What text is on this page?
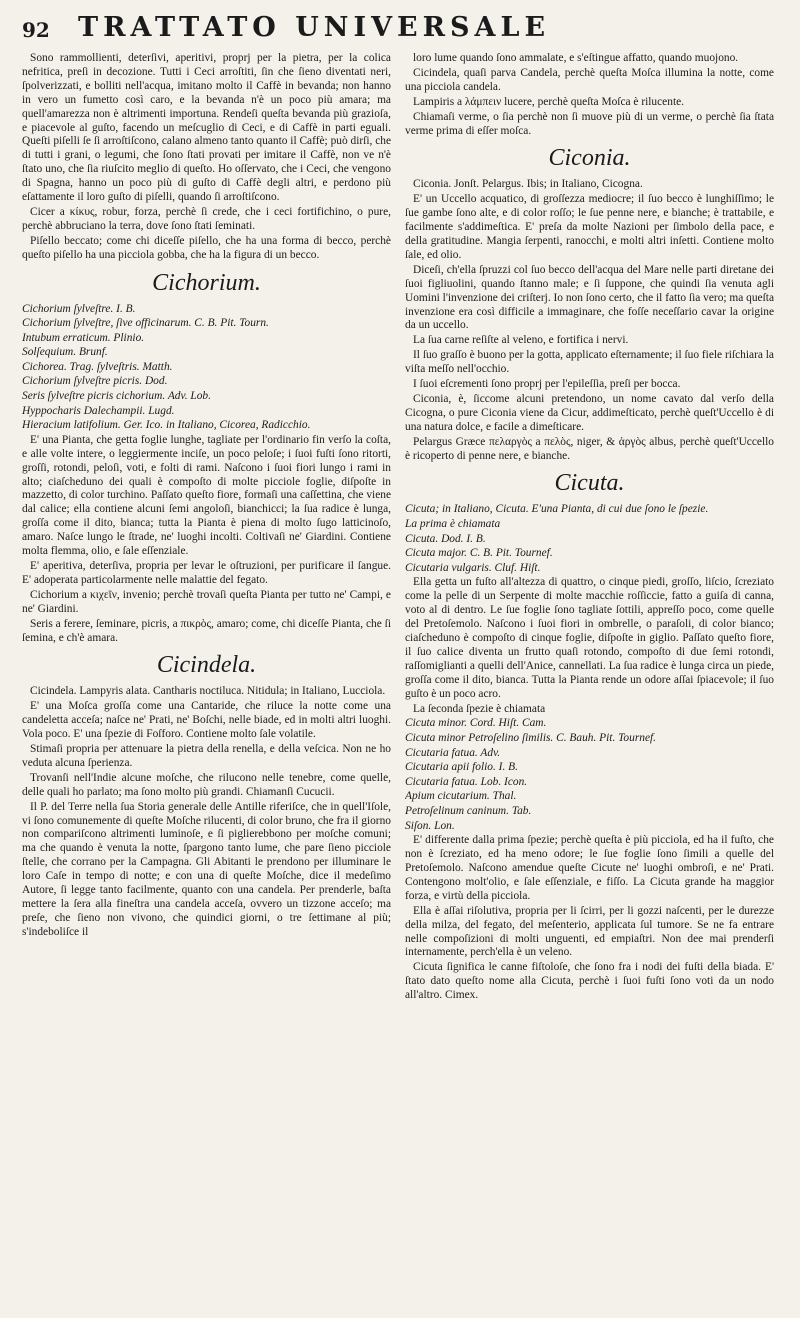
92 TRATTATO UNIVERSALE

Sono rammollienti, deterſivi, aperitivi, proprj per la pietra, per la colica nefritica, preſi in decozione. Tutti i Ceci arroſtiti, ſin che ſieno diventati neri, ſpolverizzati, e bolliti nell'acqua, imitano molto il Caffè in bevanda; non hanno in vero un fumetto così caro, e la bevanda n'è un poco più amara; ma quell'amarezza non è altrimenti importuna. Rendeſi queſta bevanda più grazioſa, e piacevole al guſto, facendo un meſcuglio di Ceci, e di Caffè in parti eguali. Queſti piſelli ſe ſi arroſtiſcono, calano almeno tanto quanto il Caffè; può dirſi, che di tutti i grani, o legumi, che ſono ſtati provati per imitare il Caffè, non ve n'è ſtato uno, che ſia riuſcito meglio di queſto. Ho oſſervato, che i Ceci, che vengono di Spagna, hanno un poco più di guſto di Caffè degli altri, e perdono più eſattamente il loro guſto di piſelli, quando ſi arroſtiſcono.

Cicer a κίκυς, robur, forza, perchè ſi crede, che i ceci fortifichino, o pure, perchè abbruciano la terra, dove ſono ſtati ſeminati.

Piſello beccato; come chi diceſſe piſello, che ha una forma di becco, perchè queſto piſello ha una picciola gobba, che ha la figura di un becco.

Cichorium.

Cichorium ſylveſtre. I. B.

Cichorium ſylveſtre, ſive officinarum. C. B. Pit. Tourn.

Intubum erraticum. Plinio.

Solſequium. Brunf.

Cichorea. Trag. ſylveſtris. Matth.

Cichorium ſylveſtre picris. Dod.

Seris ſylveſtre picris cichorium. Adv. Lob.

Hyppocharis Dalechampii. Lugd.

Hieracium latifolium. Ger. Ico. in Italiano, Cicorea, Radicchio.

E' una Pianta, che getta foglie lunghe, tagliate per l'ordinario fin verſo la coſta, e alle volte intere, o leggiermente inciſe, un poco peloſe; i ſuoi fuſti ſono ritorti, groſſi, rotondi, peloſi, voti, e folti di rami. Naſcono i ſuoi fiori lungo i rami in alto; ciaſcheduno dei quali è compoſto di molte picciole foglie, diſpoſte in mazzetto, di color turchino. Paſſato queſto fiore, formaſi una caſſettina, che viene dal calice; ella contiene alcuni ſemi angoloſi, bianchicci; la ſua radice è lunga, groſſa come il dito, bianca; tutta la Pianta è piena di molto ſugo latticinoſo, amaro. Naſce lungo le ſtrade, ne' luoghi incolti. Coltivaſi ne' Giardini. Contiene molta flemma, olio, e ſale eſſenziale.

E' aperitiva, deterſiva, propria per levar le oſtruzioni, per purificare il ſangue. E' adoperata particolarmente nelle malattie del fegato.

Cichorium a κιχεῖν, invenio; perchè trovaſi queſta Pianta per tutto ne' Campi, e ne' Giardini.

Seris a ferere, ſeminare, picris, a πικρὸς, amaro; come, chi diceſſe Pianta, che ſi ſemina, e ch'è amara.

Cicindela.

Cicindela. Lampyris alata. Cantharis noctiluca. Nitidula; in Italiano, Lucciola.

E' una Moſca groſſa come una Cantaride, che riluce la notte come una candeletta acceſa; naſce ne' Prati, ne' Boſchi, nelle biade, ed in molti altri luoghi. Vola poco. E' una ſpezie di Foſforo. Contiene molto ſale volatile.

Stimaſi propria per attenuare la pietra della renella, e della veſcica. Non ne ho veduta alcuna ſperienza.

Trovanſi nell'Indie alcune moſche, che rilucono nelle tenebre, come quelle, delle quali ho parlato; ma ſono molto più grandi. Chiamanſi Cucucii.

Il P. del Terre nella ſua Storia generale delle Antille riferiſce, che in quell'Iſole, vi ſono comunemente di queſte Moſche rilucenti, di color bruno, che fra il giorno non compariſcono altrimenti luminoſe, e ſi piglierebbono per moſche comuni; ma che quando è venuta la notte, ſpargono tanto lume, che pare ſieno picciole ſtelle, che corrano per la Campagna. Gli Abitanti le prendono per illuminare le loro Caſe in tempo di notte; e con una di queſte Moſche, dice il medeſimo Autore, ſi legge tanto facilmente, quanto con una candela. Per prenderle, baſta mettere la ſera alla fineſtra una candela acceſa, ovvero un tizzone acceſo; ma preſe, che ſieno non vivono, che quindici giorni, o tre ſettimane al più; s'indeboliſce il

loro lume quando ſono ammalate, e s'eſtingue affatto, quando muojono.

Cicindela, quaſi parva Candela, perchè queſta Moſca illumina la notte, come una picciola candela.

Lampiris a λάμπειν lucere, perchè queſta Moſca è rilucente.

Chiamaſi verme, o ſia perchè non ſi muove più di un verme, o perchè ſia ſtata verme prima di eſſer moſca.

Ciconia.

Ciconia. Jonſt. Pelargus. Ibis; in Italiano, Cicogna.

E' un Uccello acquatico, di groſſezza mediocre; il ſuo becco è lunghiſſimo; le ſue gambe ſono alte, e di color roſſo; le ſue penne nere, e bianche; è trattabile, e facilmente s'addimeſtica. E' preſa da molte Nazioni per ſimbolo della pace, e della gratitudine. Mangia ſerpenti, ranocchi, e molti altri inſetti. Contiene molto ſale, ed olio.

Diceſi, ch'ella ſpruzzi col ſuo becco dell'acqua del Mare nelle parti diretane dei ſuoi figliuolini, quando ſtanno male; e ſi ſuppone, che quindi ſia venuta agli Uomini l'invenzione dei criſterj. Io non ſono certo, che il fatto ſia vero; ma queſta invenzione era così difficile a immaginare, che foſſe neceſſario cavar la origine da un uccello.

La ſua carne reſiſte al veleno, e fortifica i nervi.

Il ſuo graſſo è buono per la gotta, applicato eſternamente; il ſuo fiele riſchiara la viſta meſſo nell'occhio.

I ſuoi eſcrementi ſono proprj per l'epileſſia, preſi per bocca.

Ciconia, è, ſiccome alcuni pretendono, un nome cavato dal verſo della Cicogna, o pure Ciconia viene da Cicur, addimeſticato, perchè queſt'Uccello è di una natura dolce, e facile a dimeſticare.

Pelargus Græce πελαργὸς a πελὸς, niger, & ἀργὸς albus, perchè queſt'Uccello è ricoperto di penne nere, e bianche.

Cicuta.

Cicuta; in Italiano, Cicuta. E'una Pianta, di cui due ſono le ſpezie.

La prima è chiamata

Cicuta. Dod. I. B.

Cicuta major. C. B. Pit. Tournef.

Cicutaria vulgaris. Cluf. Hiſt.

Ella getta un fuſto all'altezza di quattro, o cinque piedi, groſſo, liſcio, ſcreziato come la pelle di un Serpente di molte macchie roſſiccie, fatto a guiſa di canna, voto al di dentro. Le ſue foglie ſono tagliate ſottili, appreſſo poco, come quelle del Pretoſemolo. Naſcono i ſuoi fiori in ombrelle, o paraſoli, di color bianco; ciaſcheduno è compoſto di cinque foglie, diſpoſte in giglio. Paſſato queſto fiore, il ſuo calice diventa un frutto quaſi rotondo, compoſto di due ſemi rotondi, raſſomiglianti a quelli dell'Anice, cannellati. La ſua radice è lunga circa un piede, groſſa come il dito, bianca. Tutta la Pianta rende un odore aſſai ſpiacevole; il ſuo guſto è un poco acro.

La ſeconda ſpezie è chiamata

Cicuta minor. Cord. Hiſt. Cam.

Cicuta minor Petroſelino ſimilis. C. Bauh. Pit. Tournef.

Cicutaria fatua. Adv.

Cicutaria apii folio. I. B.

Cicutaria fatua. Lob. Icon.

Apium cicutarium. Thal.

Petroſelinum caninum. Tab.

Siſon. Lon.

E' differente dalla prima ſpezie; perchè queſta è più picciola, ed ha il fuſto, che non è ſcreziato, ed ha meno odore; le ſue foglie ſono ſimili a quelle del Pretoſemolo. Naſcono amendue queſte Cicute ne' luoghi ombroſi, e ne' Prati. Contengono molt'olio, e ſale eſſenziale, e fiſſo. La Cicuta grande ha maggior forza, e virtù della picciola.

Ella è aſſai riſolutiva, propria per li ſcirri, per li gozzi naſcenti, per le durezze della milza, del fegato, del meſenterio, applicata ſul tumore. Se ne fa entrare nelle compoſizioni di molti unguenti, ed empiaſtri. Non dee mai prenderſi internamente, perch'ella è un veleno.

Cicuta ſignifica le canne fiſtoloſe, che ſono fra i nodi dei fuſti della biada. E' ſtato dato queſto nome alla Cicuta, perchè i ſuoi fuſti ſono voti da un nodo all'altro. Cimex.
